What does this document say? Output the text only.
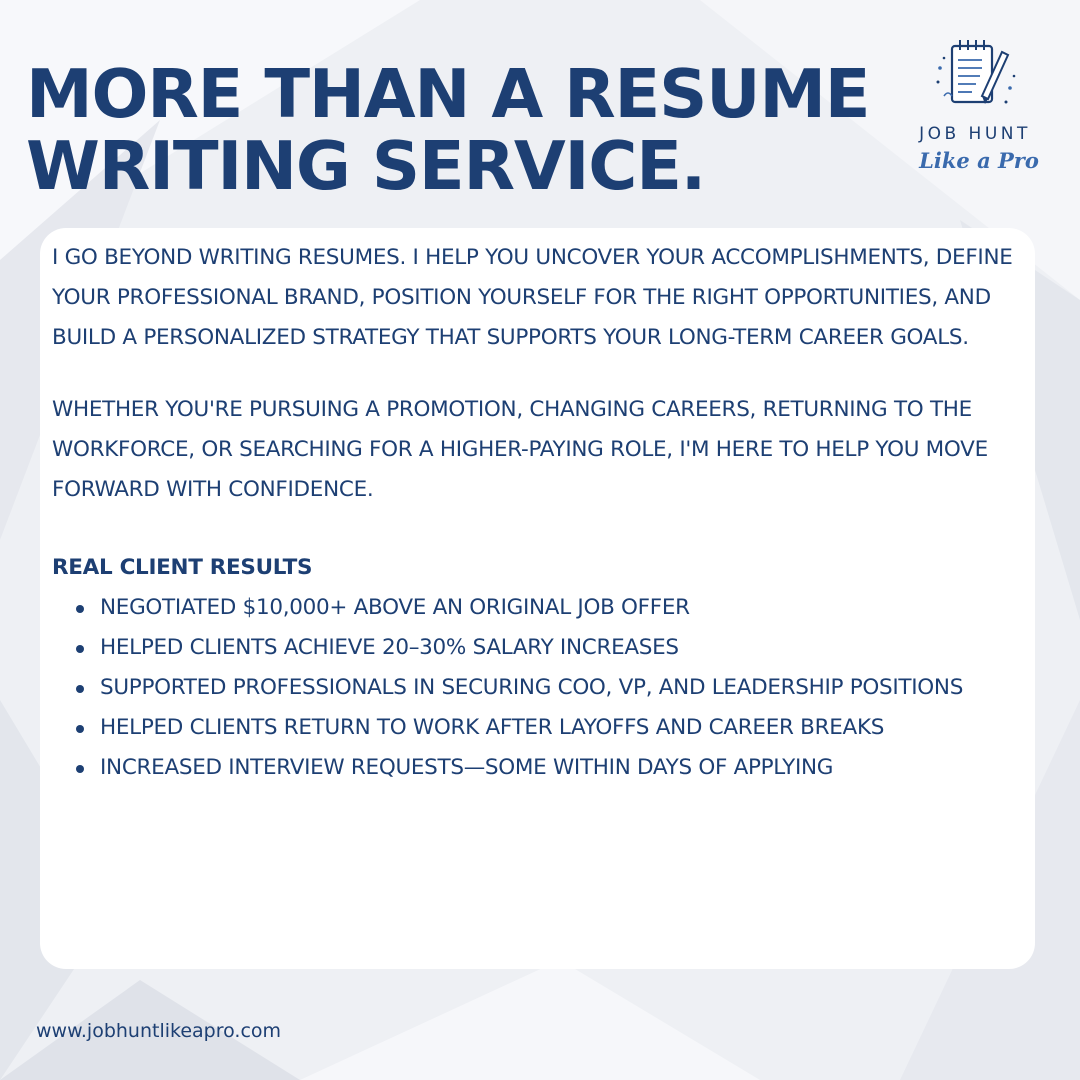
MORE THAN A RESUME
WRITING SERVICE.	JOB HUNT
Like a Pro

I GO BEYOND WRITING RESUMES. I HELP YOU UNCOVER YOUR ACCOMPLISHMENTS, DEFINE YOUR PROFESSIONAL BRAND, POSITION YOURSELF FOR THE RIGHT OPPORTUNITIES, AND BUILD A PERSONALIZED STRATEGY THAT SUPPORTS YOUR LONG-TERM CAREER GOALS.

WHETHER YOU'RE PURSUING A PROMOTION, CHANGING CAREERS, RETURNING TO THE WORKFORCE, OR SEARCHING FOR A HIGHER-PAYING ROLE, I'M HERE TO HELP YOU MOVE FORWARD WITH CONFIDENCE.

REAL CLIENT RESULTS

NEGOTIATED $10,000+ ABOVE AN ORIGINAL JOB OFFER
HELPED CLIENTS ACHIEVE 20–30% SALARY INCREASES
SUPPORTED PROFESSIONALS IN SECURING COO, VP, AND LEADERSHIP POSITIONS
HELPED CLIENTS RETURN TO WORK AFTER LAYOFFS AND CAREER BREAKS
INCREASED INTERVIEW REQUESTS—SOME WITHIN DAYS OF APPLYING
www.jobhuntlikeapro.com
